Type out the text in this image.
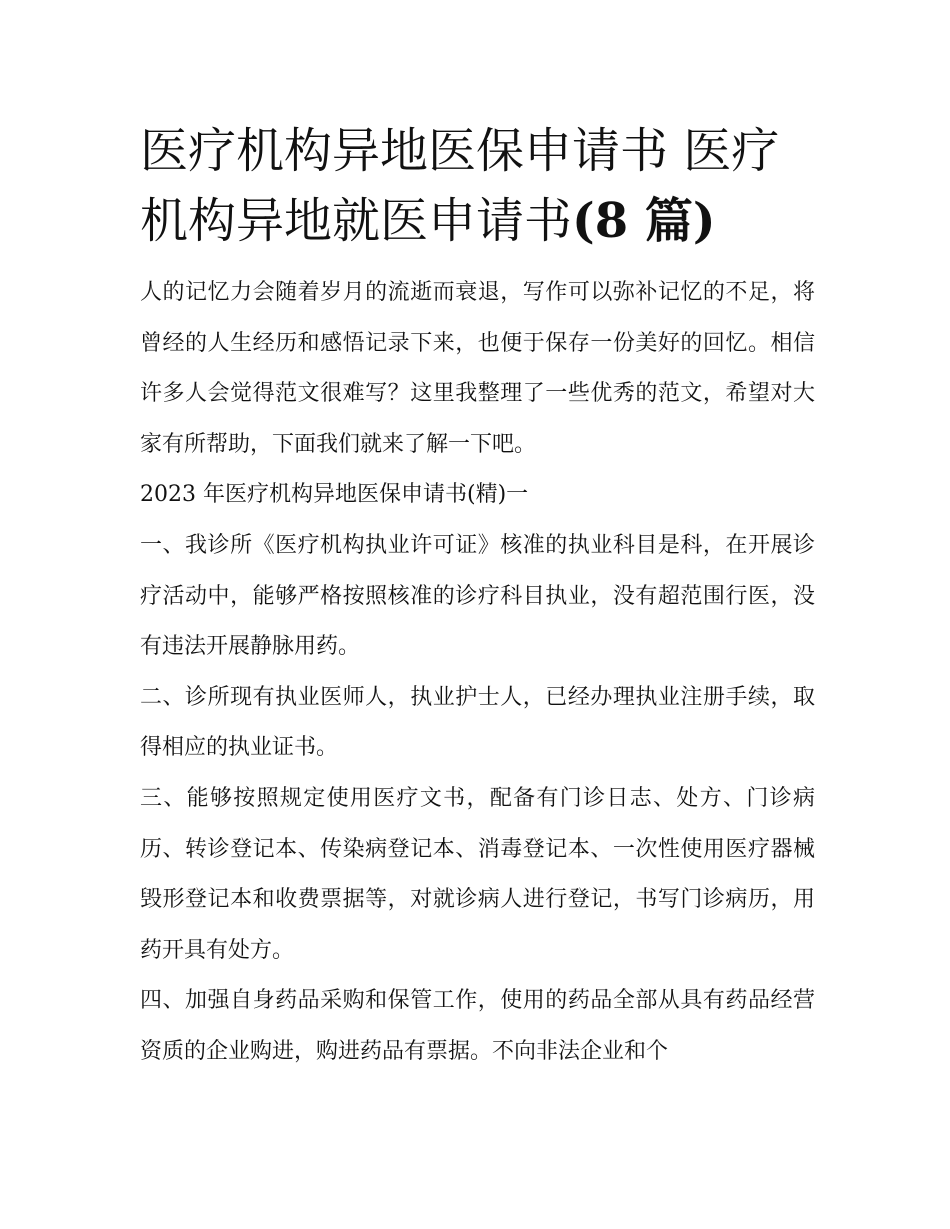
医疗机构异地医保申请书 医疗机构异地就医申请书(8 篇)

人的记忆力会随着岁月的流逝而衰退，写作可以弥补记忆的不足，将曾经的人生经历和感悟记录下来，也便于保存一份美好的回忆。相信许多人会觉得范文很难写？这里我整理了一些优秀的范文，希望对大家有所帮助，下面我们就来了解一下吧。

2023 年医疗机构异地医保申请书(精)一

一、我诊所《医疗机构执业许可证》核准的执业科目是科，在开展诊疗活动中，能够严格按照核准的诊疗科目执业，没有超范围行医，没有违法开展静脉用药。

二、诊所现有执业医师人，执业护士人，已经办理执业注册手续，取得相应的执业证书。

三、能够按照规定使用医疗文书，配备有门诊日志、处方、门诊病历、转诊登记本、传染病登记本、消毒登记本、一次性使用医疗器械毁形登记本和收费票据等，对就诊病人进行登记，书写门诊病历，用药开具有处方。

四、加强自身药品采购和保管工作，使用的药品全部从具有药品经营资质的企业购进，购进药品有票据。不向非法企业和个
